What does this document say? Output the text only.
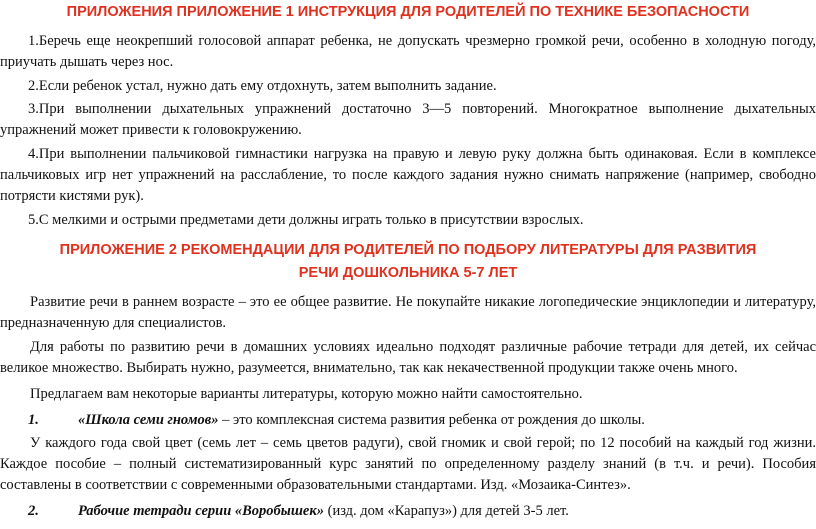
ПРИЛОЖЕНИЯ ПРИЛОЖЕНИЕ 1 ИНСТРУКЦИЯ ДЛЯ РОДИТЕЛЕЙ ПО ТЕХНИКЕ БЕЗОПАСНОСТИ

1.Беречь еще неокрепший голосовой аппарат ребенка, не допускать чрезмерно громкой речи, особенно в холодную погоду, приучать дышать через нос.

2.Если ребенок устал, нужно дать ему отдохнуть, затем выполнить задание.

3.При выполнении дыхательных упражнений достаточно 3—5 повторений. Многократное выполнение дыхательных упражнений может привести к головокружению.

4.При выполнении пальчиковой гимнастики нагрузка на правую и левую руку должна быть одинаковая. Если в комплексе пальчиковых игр нет упражнений на расслабление, то после каждого задания нужно снимать напряжение (например, свободно потрясти кистями рук).

5.С мелкими и острыми предметами дети должны играть только в присутствии взрослых.

ПРИЛОЖЕНИЕ 2 РЕКОМЕНДАЦИИ ДЛЯ РОДИТЕЛЕЙ ПО ПОДБОРУ ЛИТЕРАТУРЫ ДЛЯ РАЗВИТИЯ

РЕЧИ ДОШКОЛЬНИКА 5-7 ЛЕТ

Развитие речи в раннем возрасте – это ее общее развитие. Не покупайте никакие логопедические энциклопедии и литературу, предназначенную для специалистов.

Для работы по развитию речи в домашних условиях идеально подходят различные рабочие тетради для детей, их сейчас великое множество. Выбирать нужно, разумеется, внимательно, так как некачественной продукции также очень много.

Предлагаем вам некоторые варианты литературы, которую можно найти самостоятельно.

1.	«Школа семи гномов» – это комплексная система развития ребенка от рождения до школы.

У каждого года свой цвет (семь лет – семь цветов радуги), свой гномик и свой герой; по 12 пособий на каждый год жизни. Каждое пособие – полный систематизированный курс занятий по определенному разделу знаний (в т.ч. и речи). Пособия составлены в соответствии с современными образовательными стандартами. Изд. «Мозаика-Синтез».

2.	Рабочие тетради серии «Воробышек» (изд. дом «Карапуз») для детей 3-5 лет.
